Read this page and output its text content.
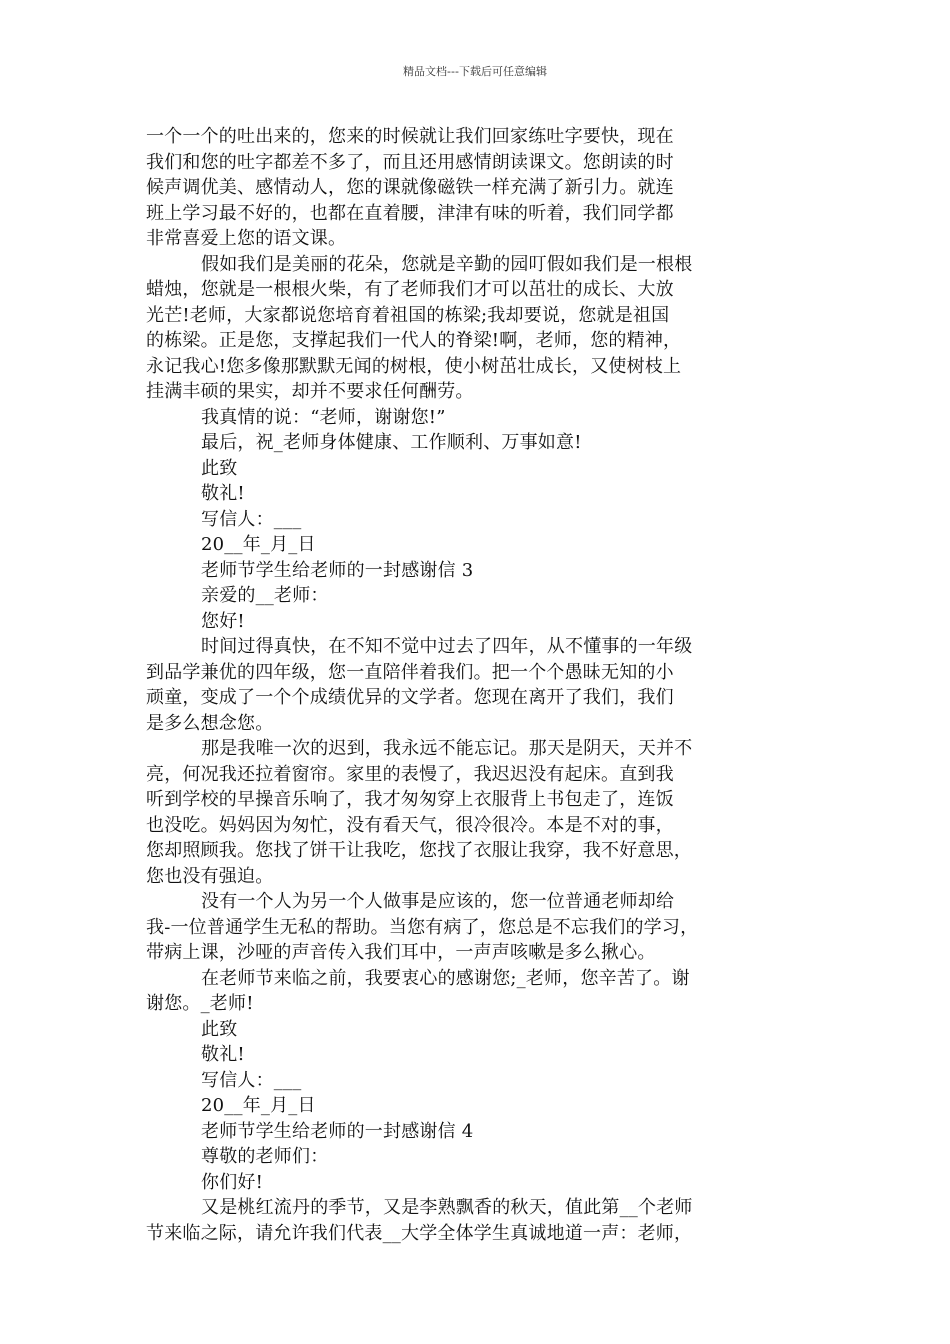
精品文档---下载后可任意编辑
一个一个的吐出来的，您来的时候就让我们回家练吐字要快，现在
我们和您的吐字都差不多了，而且还用感情朗读课文。您朗读的时
候声调优美、感情动人，您的课就像磁铁一样充满了新引力。就连
班上学习最不好的，也都在直着腰，津津有味的听着，我们同学都
非常喜爱上您的语文课。
假如我们是美丽的花朵，您就是辛勤的园叮假如我们是一根根
蜡烛，您就是一根根火柴，有了老师我们才可以茁壮的成长、大放
光芒!老师，大家都说您培育着祖国的栋梁;我却要说，您就是祖国
的栋梁。正是您，支撑起我们一代人的脊梁!啊，老师，您的精神，
永记我心!您多像那默默无闻的树根，使小树茁壮成长，又使树枝上
挂满丰硕的果实，却并不要求任何酬劳。
我真情的说：“老师，谢谢您!”
最后，祝_老师身体健康、工作顺利、万事如意!
此致
敬礼!
写信人：___
20__年_月_日
老师节学生给老师的一封感谢信 3
亲爱的__老师：
您好!
时间过得真快，在不知不觉中过去了四年，从不懂事的一年级
到品学兼优的四年级，您一直陪伴着我们。把一个个愚昧无知的小
顽童，变成了一个个成绩优异的文学者。您现在离开了我们，我们
是多么想念您。
那是我唯一次的迟到，我永远不能忘记。那天是阴天，天并不
亮，何况我还拉着窗帘。家里的表慢了，我迟迟没有起床。直到我
听到学校的早操音乐响了，我才匆匆穿上衣服背上书包走了，连饭
也没吃。妈妈因为匆忙，没有看天气，很冷很冷。本是不对的事，
您却照顾我。您找了饼干让我吃，您找了衣服让我穿，我不好意思，
您也没有强迫。
没有一个人为另一个人做事是应该的，您一位普通老师却给
我-一位普通学生无私的帮助。当您有病了，您总是不忘我们的学习，
带病上课，沙哑的声音传入我们耳中，一声声咳嗽是多么揪心。
在老师节来临之前，我要衷心的感谢您;_老师，您辛苦了。谢
谢您。_老师!
此致
敬礼!
写信人：___
20__年_月_日
老师节学生给老师的一封感谢信 4
尊敬的老师们：
你们好!
又是桃红流丹的季节，又是李熟飘香的秋天，值此第__个老师
节来临之际，请允许我们代表__大学全体学生真诚地道一声：老师，
